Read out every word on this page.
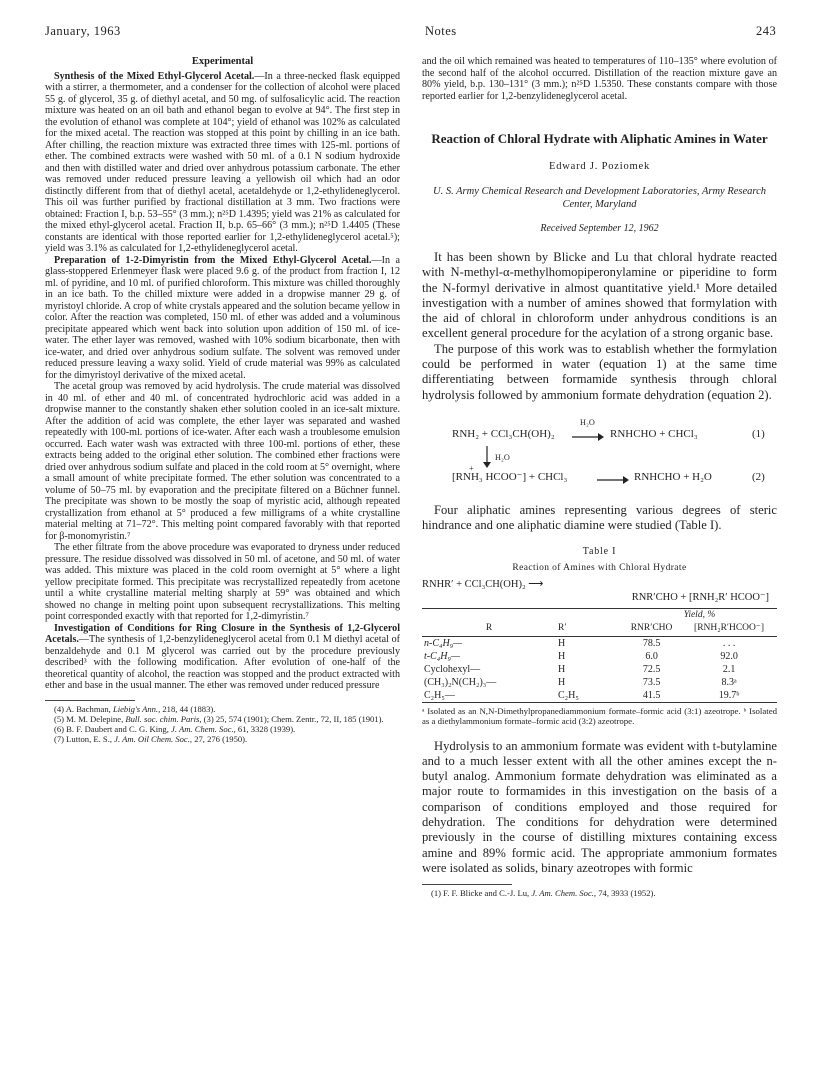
January, 1963	Notes	243
Experimental

Synthesis of the Mixed Ethyl-Glycerol Acetal.—In a three-necked flask equipped with a stirrer, a thermometer, and a condenser for the collection of alcohol were placed 55 g. of glycerol, 35 g. of diethyl acetal, and 50 mg. of sulfosalicylic acid. The reaction mixture was heated on an oil bath and ethanol began to evolve at 94°. The first step in the evolution of ethanol was complete at 104°; yield of ethanol was 102% as calculated for the mixed acetal. The reaction was stopped at this point by chilling in an ice bath. After chilling, the reaction mixture was extracted three times with 125-ml. portions of ether. The combined extracts were washed with 50 ml. of a 0.1 N sodium hydroxide and then with distilled water and dried over anhydrous potassium carbonate. The ether was removed under reduced pressure leaving a yellowish oil which had an odor distinctly different from that of diethyl acetal, acetaldehyde or 1,2-ethylideneglycerol. This oil was further purified by fractional distillation at 3 mm. Two fractions were obtained: Fraction I, b.p. 53–55° (3 mm.); n²⁵D 1.4395; yield was 21% as calculated for the mixed ethyl-glycerol acetal. Fraction II, b.p. 65–66° (3 mm.); n²⁵D 1.4405 (These constants are identical with those reported earlier for 1,2-ethylideneglycerol acetal.⁵); yield was 3.1% as calculated for 1,2-ethylideneglycerol acetal.

Preparation of 1-2-Dimyristin from the Mixed Ethyl-Glycerol Acetal.—In a glass-stoppered Erlenmeyer flask were placed 9.6 g. of the product from fraction I, 12 ml. of pyridine, and 10 ml. of purified chloroform. This mixture was chilled thoroughly in an ice bath. To the chilled mixture were added in a dropwise manner 29 g. of myristoyl chloride. A crop of white crystals appeared and the solution became yellow in color. After the reaction was completed, 150 ml. of ether was added and a voluminous precipitate appeared which went back into solution upon addition of 150 ml. of ice-water. The ether layer was removed, washed with 10% sodium bicarbonate, then with ice-water, and dried over anhydrous sodium sulfate. The solvent was removed under reduced pressure leaving a waxy solid. Yield of crude material was 99% as calculated for the dimyristoyl derivative of the mixed acetal.

The acetal group was removed by acid hydrolysis. The crude material was dissolved in 40 ml. of ether and 40 ml. of concentrated hydrochloric acid was added in a dropwise manner to the constantly shaken ether solution cooled in an ice-salt mixture. After the addition of acid was complete, the ether layer was separated and washed repeatedly with 100-ml. portions of ice-water. After each wash a troublesome emulsion occurred. Each water wash was extracted with three 100-ml. portions of ether, these extracts being added to the original ether solution. The combined ether fractions were dried over anhydrous sodium sulfate and placed in the cold room at 5° overnight, where a small amount of white precipitate formed. The ether solution was concentrated to a volume of 50–75 ml. by evaporation and the precipitate filtered on a Büchner funnel. The precipitate was shown to be mostly the soap of myristic acid, although repeated crystallization from ethanol at 5° produced a few milligrams of a white crystalline material melting at 71–72°. This melting point compared favorably with that reported for β-monomyristin.⁷

The ether filtrate from the above procedure was evaporated to dryness under reduced pressure. The residue dissolved was dissolved in 50 ml. of acetone, and 50 ml. of water was added. This mixture was placed in the cold room overnight at 5° where a light yellow precipitate formed. This precipitate was recrystallized repeatedly from acetone until a white crystalline material melting sharply at 59° was obtained and which showed no change in melting point upon subsequent recrystallizations. This melting point corresponded exactly with that reported for 1,2-dimyristin.⁷

Investigation of Conditions for Ring Closure in the Synthesis of 1,2-Glycerol Acetals.—The synthesis of 1,2-benzylideneglycerol acetal from 0.1 M diethyl acetal of benzaldehyde and 0.1 M glycerol was carried out by the procedure previously described³ with the following modification. After evolution of one-half of the theoretical quantity of alcohol, the reaction was stopped and the product extracted with ether and base in the usual manner. The ether was removed under reduced pressure

(4) A. Bachman, Liebig's Ann., 218, 44 (1883).

(5) M. M. Delepine, Bull. soc. chim. Paris, (3) 25, 574 (1901); Chem. Zentr., 72, II, 185 (1901).

(6) B. F. Daubert and C. G. King, J. Am. Chem. Soc., 61, 3328 (1939).

(7) Lutton, E. S., J. Am. Oil Chem. Soc., 27, 276 (1950).

and the oil which remained was heated to temperatures of 110–135° where evolution of the second half of the alcohol occurred. Distillation of the reaction mixture gave an 80% yield, b.p. 130–131° (3 mm.); n²⁵D 1.5350. These constants compare with those reported earlier for 1,2-benzylideneglycerol acetal.

Reaction of Chloral Hydrate with Aliphatic Amines in Water
Edward J. Poziomek
U. S. Army Chemical Research and Development Laboratories, Army Research Center, Maryland
Received September 12, 1962

It has been shown by Blicke and Lu that chloral hydrate reacted with N-methyl-α-methylhomopiperonylamine or piperidine to form the N-formyl derivative in almost quantitative yield.¹ More detailed investigation with a number of amines showed that formylation with the aid of chloral in chloroform under anhydrous conditions is an excellent general procedure for the acylation of a strong organic base.

The purpose of this work was to establish whether the formylation could be performed in water (equation 1) at the same time differentiating between formamide synthesis through chloral hydrolysis followed by ammonium formate dehydration (equation 2).

RNH₂ + CCl₃CH(OH)₂
H₂O
RNHCHO + CHCl₃	(1)
H₂O
+
[RNH₃ HCOO⁻] + CHCl₃	RNHCHO + H₂O	(2)

Four aliphatic amines representing various degrees of steric hindrance and one aliphatic diamine were studied (Table I).

Table I
Reaction of Amines with Chloral Hydrate
RNHR′ + CCl₃CH(OH)₂ ⟶
RNR′CHO + [RNH₂R′ HCOO⁻]
		Yield, %	
R	R′	RNR′CHO	[RNH₂R′HCOO⁻]
n-C₄H₉—	H	78.5	. . .
t-C₄H₉—	H	6.0	92.0
Cyclohexyl—	H	72.5	2.1
(CH₃)₂N(CH₂)₃—	H	73.5	8.3ᵃ
C₂H₅—	C₂H₅	41.5	19.7ᵇ
ᵃ Isolated as an N,N-Dimethylpropanediammonium formate–formic acid (3:1) azeotrope. ᵇ Isolated as a diethylammonium formate–formic acid (3:2) azeotrope.

Hydrolysis to an ammonium formate was evident with t-butylamine and to a much lesser extent with all the other amines except the n-butyl analog. Ammonium formate dehydration was eliminated as a major route to formamides in this investigation on the basis of a comparison of conditions employed and those required for dehydration. The conditions for dehydration were determined previously in the course of distilling mixtures containing excess amine and 89% formic acid. The appropriate ammonium formates were isolated as solids, binary azeotropes with formic

(1) F. F. Blicke and C.-J. Lu, J. Am. Chem. Soc., 74, 3933 (1952).
